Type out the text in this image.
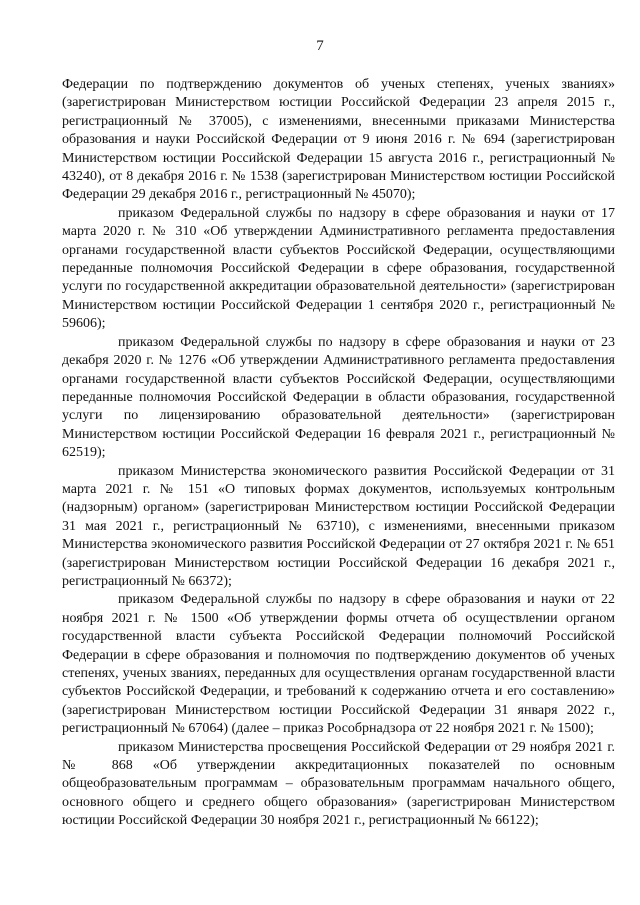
7

Федерации по подтверждению документов об ученых степенях, ученых званиях» (зарегистрирован Министерством юстиции Российской Федерации 23 апреля 2015 г., регистрационный № 37005), с изменениями, внесенными приказами Министерства образования и науки Российской Федерации от 9 июня 2016 г. № 694 (зарегистрирован Министерством юстиции Российской Федерации 15 августа 2016 г., регистрационный № 43240), от 8 декабря 2016 г. № 1538 (зарегистрирован Министерством юстиции Российской Федерации 29 декабря 2016 г., регистрационный № 45070);

приказом Федеральной службы по надзору в сфере образования и науки от 17 марта 2020 г. № 310 «Об утверждении Административного регламента предоставления органами государственной власти субъектов Российской Федерации, осуществляющими переданные полномочия Российской Федерации в сфере образования, государственной услуги по государственной аккредитации образовательной деятельности» (зарегистрирован Министерством юстиции Российской Федерации 1 сентября 2020 г., регистрационный № 59606);

приказом Федеральной службы по надзору в сфере образования и науки от 23 декабря 2020 г. № 1276 «Об утверждении Административного регламента предоставления органами государственной власти субъектов Российской Федерации, осуществляющими переданные полномочия Российской Федерации в области образования, государственной услуги по лицензированию образовательной деятельности» (зарегистрирован Министерством юстиции Российской Федерации 16 февраля 2021 г., регистрационный № 62519);

приказом Министерства экономического развития Российской Федерации от 31 марта 2021 г. № 151 «О типовых формах документов, используемых контрольным (надзорным) органом» (зарегистрирован Министерством юстиции Российской Федерации 31 мая 2021 г., регистрационный № 63710), с изменениями, внесенными приказом Министерства экономического развития Российской Федерации от 27 октября 2021 г. № 651 (зарегистрирован Министерством юстиции Российской Федерации 16 декабря 2021 г., регистрационный № 66372);

приказом Федеральной службы по надзору в сфере образования и науки от 22 ноября 2021 г. № 1500 «Об утверждении формы отчета об осуществлении органом государственной власти субъекта Российской Федерации полномочий Российской Федерации в сфере образования и полномочия по подтверждению документов об ученых степенях, ученых званиях, переданных для осуществления органам государственной власти субъектов Российской Федерации, и требований к содержанию отчета и его составлению» (зарегистрирован Министерством юстиции Российской Федерации 31 января 2022 г., регистрационный № 67064) (далее – приказ Рособрнадзора от 22 ноября 2021 г. № 1500);

приказом Министерства просвещения Российской Федерации от 29 ноября 2021 г. № 868 «Об утверждении аккредитационных показателей по основным общеобразовательным программам – образовательным программам начального общего, основного общего и среднего общего образования» (зарегистрирован Министерством юстиции Российской Федерации 30 ноября 2021 г., регистрационный № 66122);
